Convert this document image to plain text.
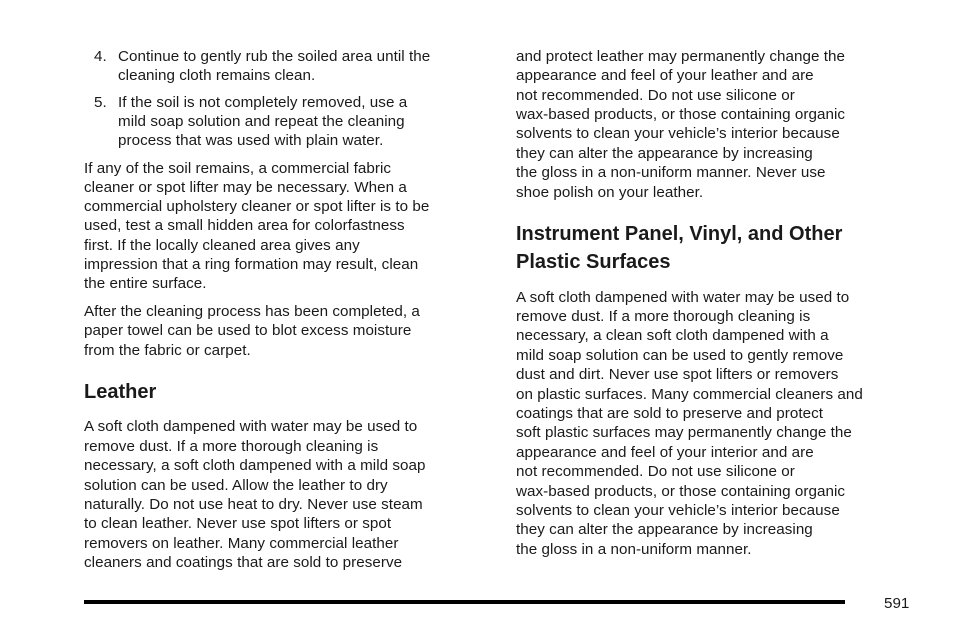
4. Continue to gently rub the soiled area until the
cleaning cloth remains clean.
5. If the soil is not completely removed, use a
mild soap solution and repeat the cleaning
process that was used with plain water.
If any of the soil remains, a commercial fabric
cleaner or spot lifter may be necessary. When a
commercial upholstery cleaner or spot lifter is to be
used, test a small hidden area for colorfastness
first. If the locally cleaned area gives any
impression that a ring formation may result, clean
the entire surface.
After the cleaning process has been completed, a
paper towel can be used to blot excess moisture
from the fabric or carpet.
Leather
A soft cloth dampened with water may be used to
remove dust. If a more thorough cleaning is
necessary, a soft cloth dampened with a mild soap
solution can be used. Allow the leather to dry
naturally. Do not use heat to dry. Never use steam
to clean leather. Never use spot lifters or spot
removers on leather. Many commercial leather
cleaners and coatings that are sold to preserve
and protect leather may permanently change the
appearance and feel of your leather and are
not recommended. Do not use silicone or
wax-based products, or those containing organic
solvents to clean your vehicle’s interior because
they can alter the appearance by increasing
the gloss in a non-uniform manner. Never use
shoe polish on your leather.
Instrument Panel, Vinyl, and Other
Plastic Surfaces
A soft cloth dampened with water may be used to
remove dust. If a more thorough cleaning is
necessary, a clean soft cloth dampened with a
mild soap solution can be used to gently remove
dust and dirt. Never use spot lifters or removers
on plastic surfaces. Many commercial cleaners and
coatings that are sold to preserve and protect
soft plastic surfaces may permanently change the
appearance and feel of your interior and are
not recommended. Do not use silicone or
wax-based products, or those containing organic
solvents to clean your vehicle’s interior because
they can alter the appearance by increasing
the gloss in a non-uniform manner.
591
